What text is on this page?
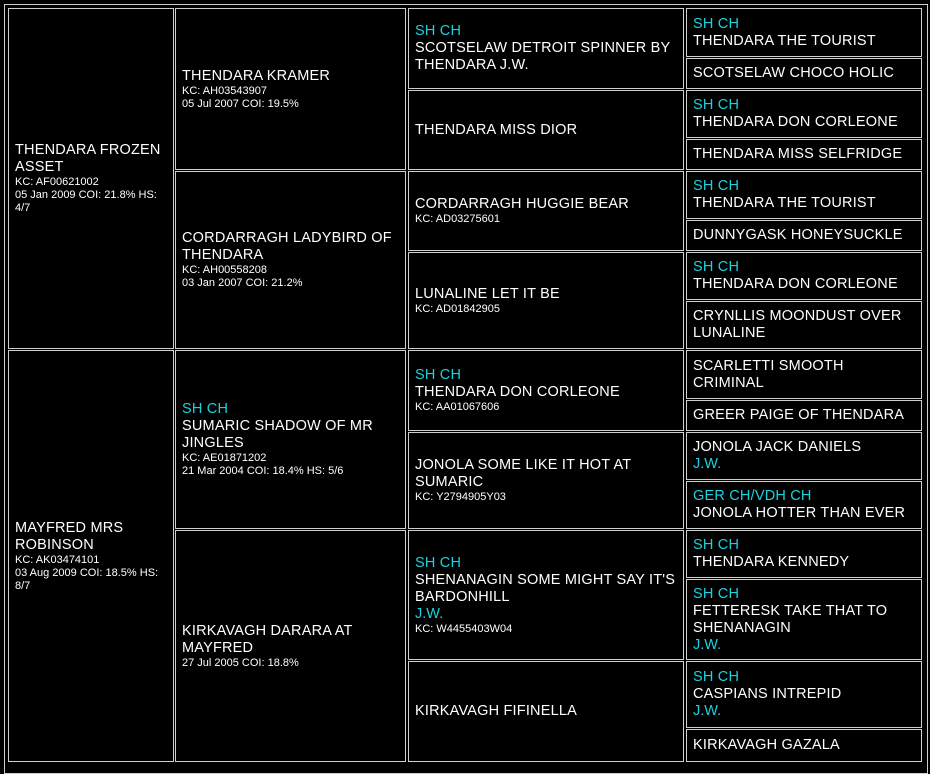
THENDARA FROZEN ASSET
KC: AF00621002
05 Jan 2009 COI: 21.8% HS: 4/7
MAYFRED MRS ROBINSON
KC: AK03474101
03 Aug 2009 COI: 18.5% HS: 8/7
THENDARA KRAMER
KC: AH03543907
05 Jul 2007 COI: 19.5%
CORDARRAGH LADYBIRD OF THENDARA
KC: AH00558208
03 Jan 2007 COI: 21.2%
SH CH
SUMARIC SHADOW OF MR JINGLES
KC: AE01871202
21 Mar 2004 COI: 18.4% HS: 5/6
KIRKAVAGH DARARA AT MAYFRED
27 Jul 2005 COI: 18.8%
SH CH
SCOTSELAW DETROIT SPINNER BY THENDARA J.W.
THENDARA MISS DIOR
CORDARRAGH HUGGIE BEAR
KC: AD03275601
LUNALINE LET IT BE
KC: AD01842905
SH CH
THENDARA DON CORLEONE
KC: AA01067606
JONOLA SOME LIKE IT HOT AT SUMARIC
KC: Y2794905Y03
SH CH
SHENANAGIN SOME MIGHT SAY IT'S BARDONHILL
J.W.
KC: W4455403W04
KIRKAVAGH FIFINELLA
SH CH
THENDARA THE TOURIST
SCOTSELAW CHOCO HOLIC
SH CH
THENDARA DON CORLEONE
THENDARA MISS SELFRIDGE
SH CH
THENDARA THE TOURIST
DUNNYGASK HONEYSUCKLE
SH CH
THENDARA DON CORLEONE
CRYNLLIS MOONDUST OVER LUNALINE
SCARLETTI SMOOTH CRIMINAL
GREER PAIGE OF THENDARA
JONOLA JACK DANIELS
J.W.
GER CH/VDH CH
JONOLA HOTTER THAN EVER
SH CH
THENDARA KENNEDY
SH CH
FETTERESK TAKE THAT TO SHENANAGIN
J.W.
SH CH
CASPIANS INTREPID
J.W.
KIRKAVAGH GAZALA
